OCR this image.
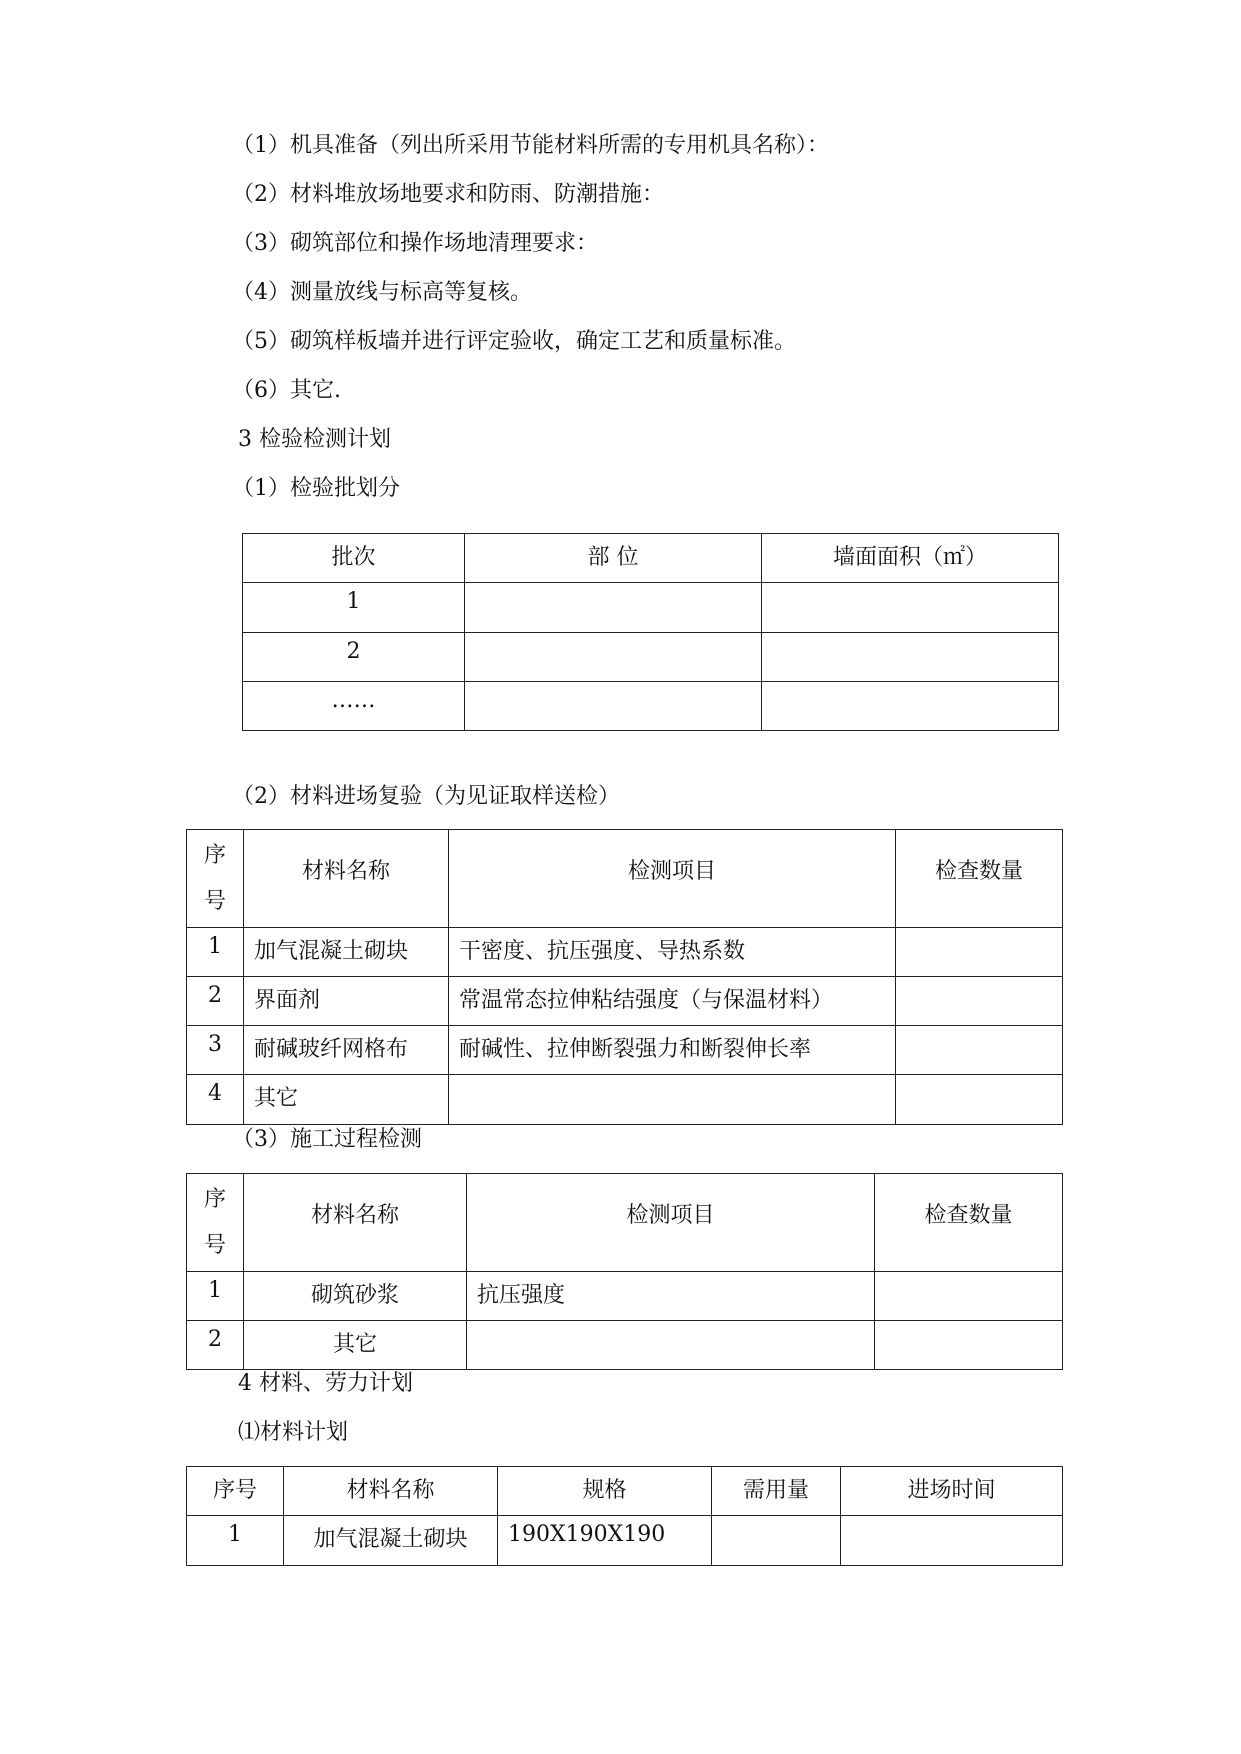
（1）机具准备（列出所采用节能材料所需的专用机具名称）：
（2）材料堆放场地要求和防雨、防潮措施：
（3）砌筑部位和操作场地清理要求：
（4）测量放线与标高等复核。
（5）砌筑样板墙并进行评定验收，确定工艺和质量标准。
（6）其它.
3 检验检测计划
（1）检验批划分
批次	部 位	墙面面积（㎡）
1		
2		
……		
（2）材料进场复验（为见证取样送检）
序号	材料名称	检测项目	检查数量
1	加气混凝土砌块	干密度、抗压强度、导热系数	
2	界面剂	常温常态拉伸粘结强度（与保温材料）	
3	耐碱玻纤网格布	耐碱性、拉伸断裂强力和断裂伸长率	
4	其它		
（3）施工过程检测
序号	材料名称	检测项目	检查数量
1	砌筑砂浆	抗压强度	
2	其它		
4 材料、劳力计划
⑴材料计划
序号	材料名称	规格	需用量	进场时间
1	加气混凝土砌块	190X190X190		
